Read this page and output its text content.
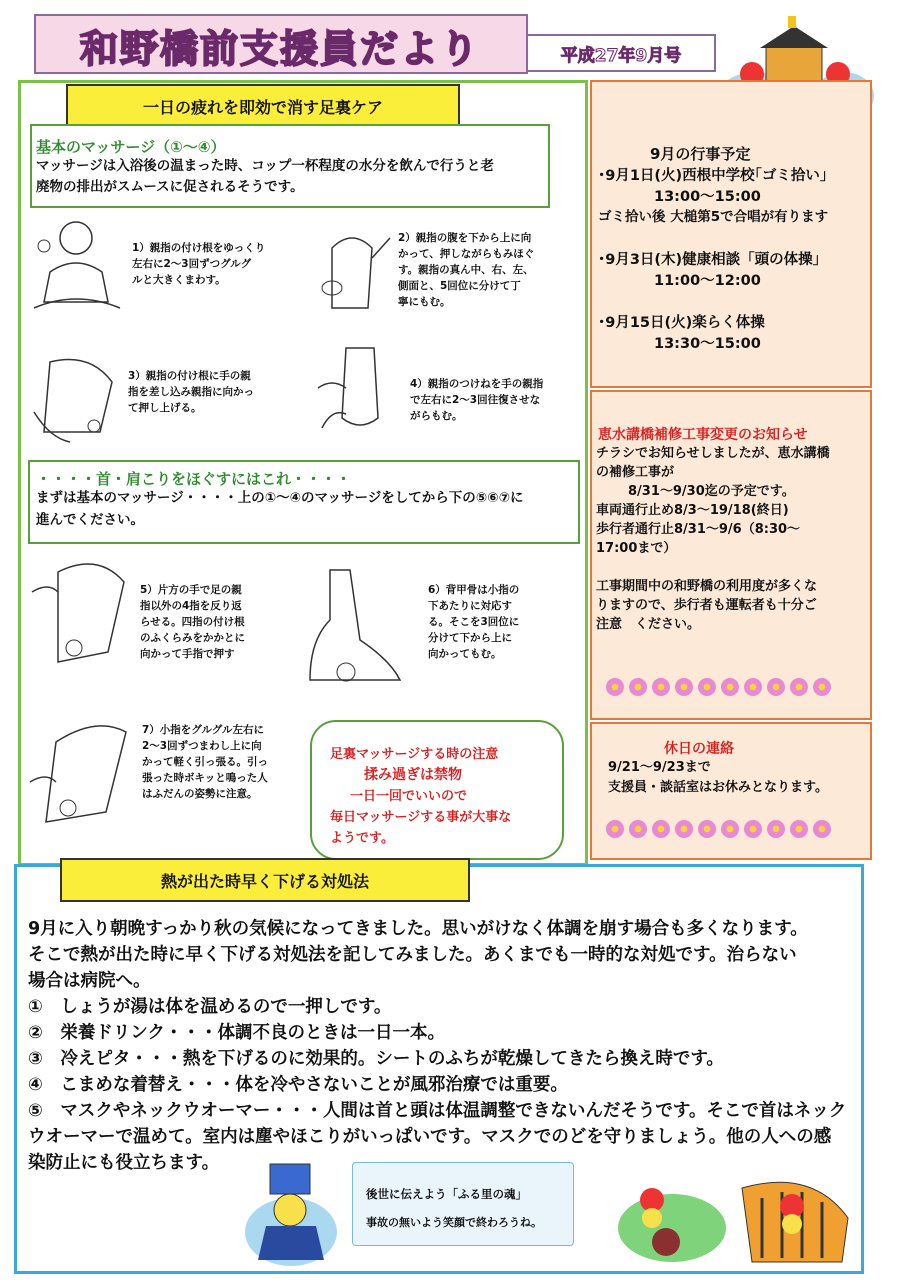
和野橋前支援員だより	平成27年9月号
一日の疲れを即効で消す足裏ケア
基本のマッサージ（①～④）
マッサージは入浴後の温まった時、コップ一杯程度の水分を飲んで行うと老
廃物の排出がスムースに促されるそうです。
1）親指の付け根をゆっくり
左右に2～3回ずつグルグ
ルと大きくまわす。
2）親指の腹を下から上に向
かって、押しながらもみほぐ
す。親指の真ん中、右、左、
側面と、5回位に分けて丁
寧にもむ。
3）親指の付け根に手の親
指を差し込み親指に向かっ
て押し上げる。
4）親指のつけねを手の親指
で左右に2～3回往復させな
がらもむ。
・・・・首・肩こりをほぐすにはこれ・・・・
まずは基本のマッサージ・・・・上の①～④のマッサージをしてから下の⑤⑥⑦に
進んでください。
5）片方の手で足の親
指以外の4指を反り返
らせる。四指の付け根
のふくらみをかかとに
向かって手指で押す
6）背甲骨は小指の
下あたりに対応す
る。そこを3回位に
分けて下から上に
向かってもむ。
7）小指をグルグル左右に
2～3回ずつまわし上に向
かって軽く引っ張る。引っ
張った時ボキッと鳴った人
はふだんの姿勢に注意。
足裏マッサージする時の注意
揉み過ぎは禁物
一日一回でいいので
毎日マッサージする事が大事な
ようです。
9月の行事予定
･9月1日(火)西根中学校｢ゴミ拾い｣
13:00～15:00
ゴミ拾い後 大槌第5で合唱が有ります
･9月3日(木)健康相談「頭の体操」
11:00～12:00
･9月15日(火)楽らく体操
13:30～15:00
恵水講橋補修工事変更のお知らせ
チラシでお知らせしましたが、恵水講橋
の補修工事が
8/31～9/30迄の予定です。
車両通行止め8/3～19/18(終日)
歩行者通行止8/31～9/6（8:30～
17:00まで）
工事期間中の和野橋の利用度が多くな
りますので、歩行者も運転者も十分ご
注意　ください。
休日の連絡
9/21～9/23まで
支援員・談話室はお休みとなります。
熱が出た時早く下げる対処法
9月に入り朝晩すっかり秋の気候になってきました。思いがけなく体調を崩す場合も多くなります。
そこで熱が出た時に早く下げる対処法を記してみました。あくまでも一時的な対処です。治らない
場合は病院へ。
①　しょうが湯は体を温めるので一押しです。
②　栄養ドリンク・・・体調不良のときは一日一本。
③　冷えピタ・・・熱を下げるのに効果的。シートのふちが乾燥してきたら換え時です。
④　こまめな着替え・・・体を冷やさないことが風邪治療では重要。
⑤　マスクやネックウオーマー・・・人間は首と頭は体温調整できないんだそうです。そこで首はネック
ウオーマーで温めて。室内は塵やほこりがいっぱいです。マスクでのどを守りましょう。他の人への感
染防止にも役立ちます。
後世に伝えよう「ふる里の魂」
事故の無いよう笑顔で終わろうね。
